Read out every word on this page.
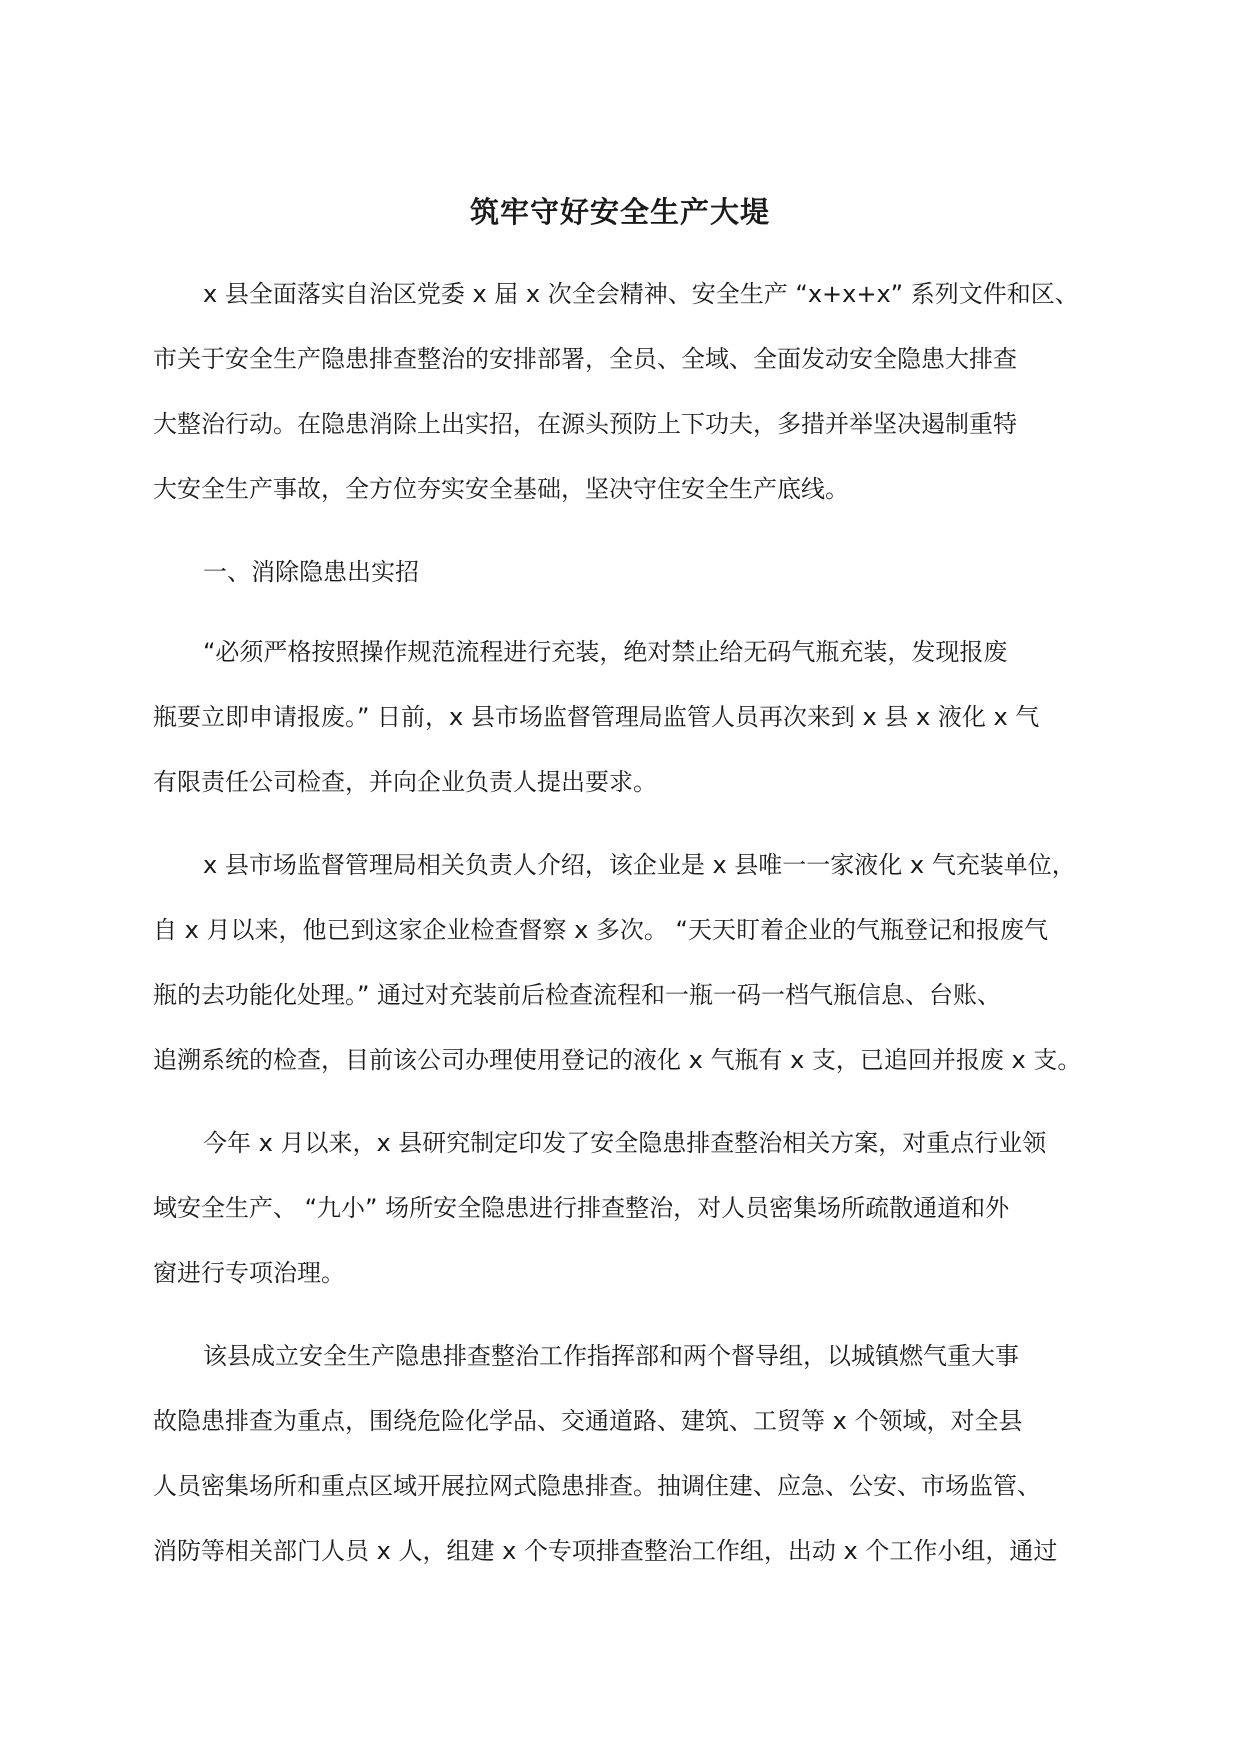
筑牢守好安全生产大堤
x 县全面落实自治区党委 x 届 x 次全会精神、安全生产 “x+x+x” 系列文件和区、
市关于安全生产隐患排查整治的安排部署，全员、全域、全面发动安全隐患大排查
大整治行动。在隐患消除上出实招，在源头预防上下功夫，多措并举坚决遏制重特
大安全生产事故，全方位夯实安全基础，坚决守住安全生产底线。
一、消除隐患出实招
“必须严格按照操作规范流程进行充装，绝对禁止给无码气瓶充装，发现报废
瓶要立即申请报废。” 日前，x 县市场监督管理局监管人员再次来到 x 县 x 液化 x 气
有限责任公司检查，并向企业负责人提出要求。
x 县市场监督管理局相关负责人介绍，该企业是 x 县唯一一家液化 x 气充装单位，
自 x 月以来，他已到这家企业检查督察 x 多次。 “天天盯着企业的气瓶登记和报废气
瓶的去功能化处理。” 通过对充装前后检查流程和一瓶一码一档气瓶信息、台账、
追溯系统的检查，目前该公司办理使用登记的液化 x 气瓶有 x 支，已追回并报废 x 支。
今年 x 月以来，x 县研究制定印发了安全隐患排查整治相关方案，对重点行业领
域安全生产、 “九小” 场所安全隐患进行排查整治，对人员密集场所疏散通道和外
窗进行专项治理。
该县成立安全生产隐患排查整治工作指挥部和两个督导组，以城镇燃气重大事
故隐患排查为重点，围绕危险化学品、交通道路、建筑、工贸等 x 个领域，对全县
人员密集场所和重点区域开展拉网式隐患排查。抽调住建、应急、公安、市场监管、
消防等相关部门人员 x 人，组建 x 个专项排查整治工作组，出动 x 个工作小组，通过
